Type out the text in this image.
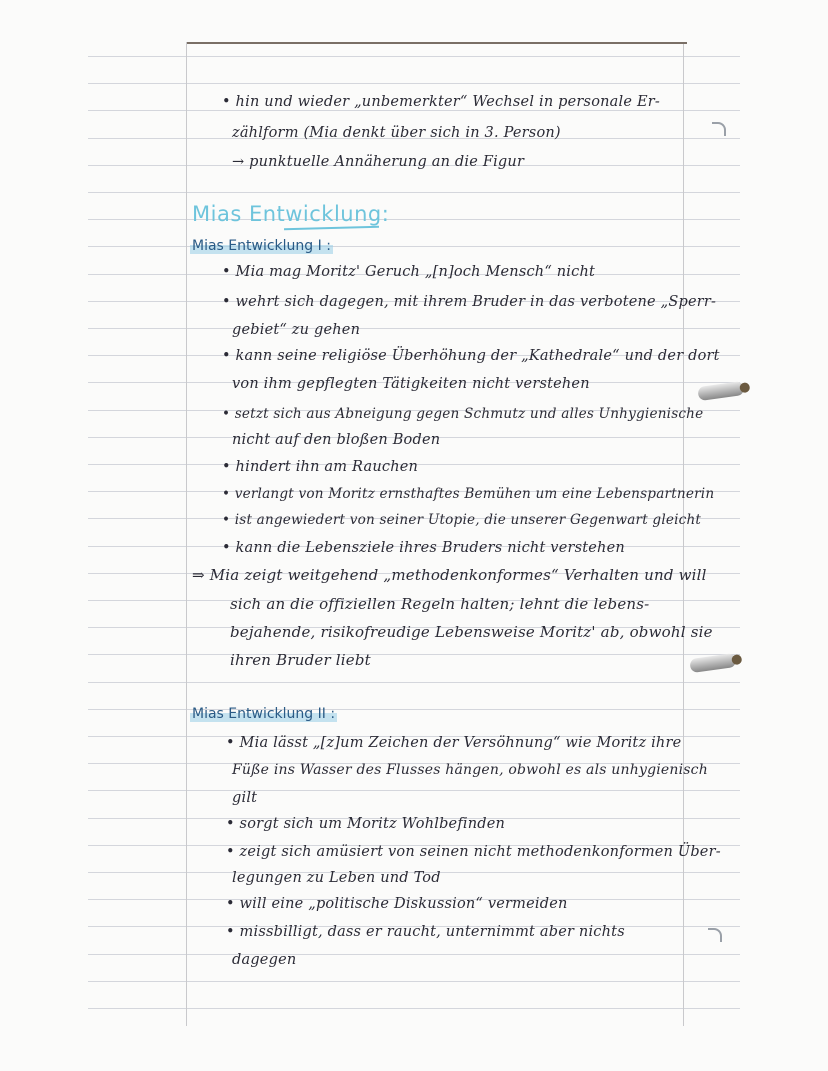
• hin und wieder „unbemerkter“ Wechsel in personale Er-
zählform (Mia denkt über sich in 3. Person)
→ punktuelle Annäherung an die Figur
Mias Entwicklung:
Mias Entwicklung I :
• Mia mag Moritz' Geruch „[n]och Mensch“ nicht
• wehrt sich dagegen, mit ihrem Bruder in das verbotene „Sperr-
gebiet“ zu gehen
• kann seine religiöse Überhöhung der „Kathedrale“ und der dort
von ihm gepflegten Tätigkeiten nicht verstehen
• setzt sich aus Abneigung gegen Schmutz und alles Unhygienische
nicht auf den bloßen Boden
• hindert ihn am Rauchen
• verlangt von Moritz ernsthaftes Bemühen um eine Lebenspartnerin
• ist angewiedert von seiner Utopie, die unserer Gegenwart gleicht
• kann die Lebensziele ihres Bruders nicht verstehen
⇒ Mia zeigt weitgehend „methodenkonformes“ Verhalten und will
sich an die offiziellen Regeln halten; lehnt die lebens-
bejahende, risikofreudige Lebensweise Moritz' ab, obwohl sie
ihren Bruder liebt
Mias Entwicklung II :
• Mia lässt „[z]um Zeichen der Versöhnung“ wie Moritz ihre
Füße ins Wasser des Flusses hängen, obwohl es als unhygienisch
gilt
• sorgt sich um Moritz Wohlbefinden
• zeigt sich amüsiert von seinen nicht methodenkonformen Über-
legungen zu Leben und Tod
• will eine „politische Diskussion“ vermeiden
• missbilligt, dass er raucht, unternimmt aber nichts
dagegen
